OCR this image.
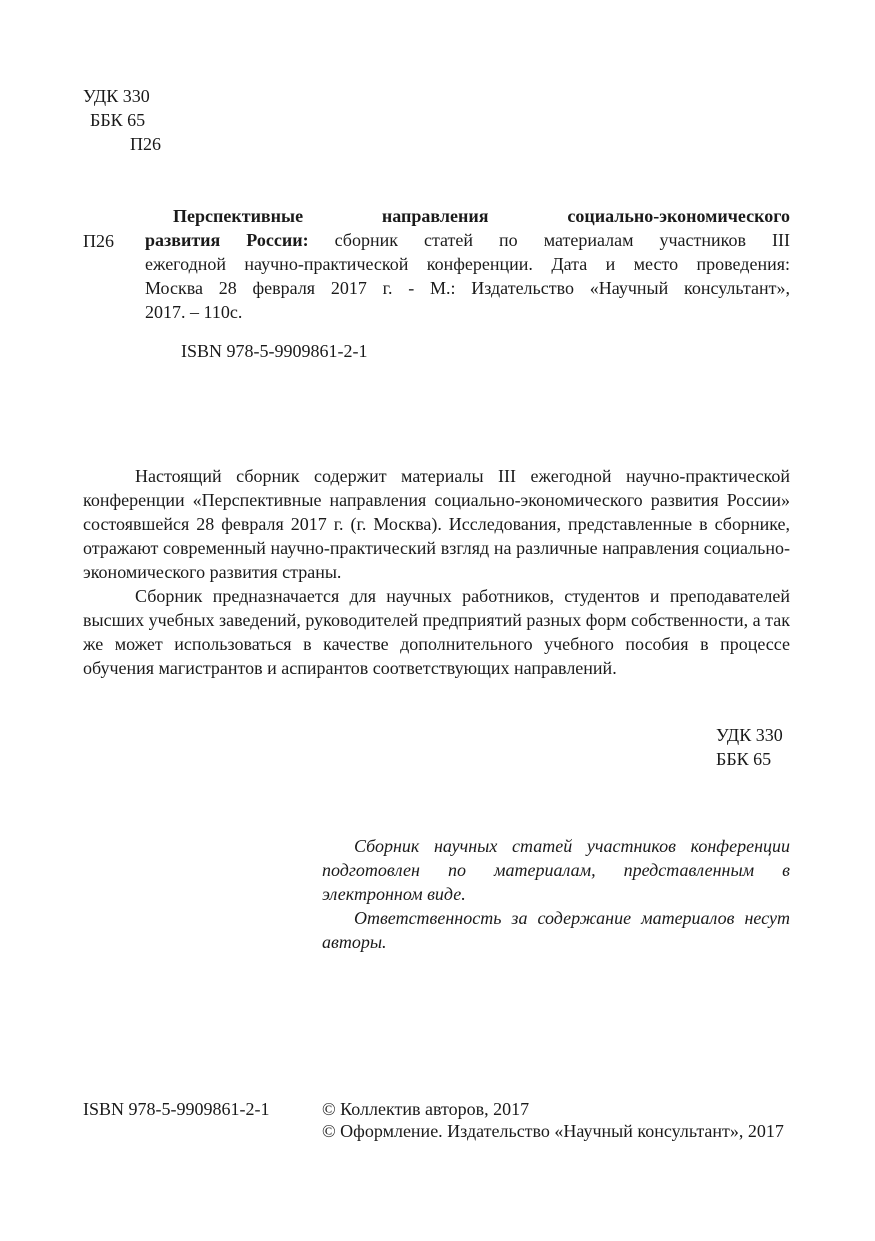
УДК 330
ББК 65
П26
П26
Перспективные направления социально-экономического
развития России: сборник статей по материалам участников III
ежегодной научно-практической конференции. Дата и место проведения:
Москва 28 февраля 2017 г. - М.: Издательство «Научный консультант»,
2017. – 110с.
ISBN 978-5-9909861-2-1

Настоящий сборник содержит материалы III ежегодной научно-практической конференции «Перспективные направления социально-экономического развития России» состоявшейся 28 февраля 2017 г. (г. Москва). Исследования, представленные в сборнике, отражают современный научно-практический взгляд на различные направления социально-экономического развития страны.

Сборник предназначается для научных работников, студентов и преподавателей высших учебных заведений, руководителей предприятий разных форм собственности, а так же может использоваться в качестве дополнительного учебного пособия в процессе обучения магистрантов и аспирантов соответствующих направлений.

УДК 330
ББК 65

Сборник научных статей участников конференции подготовлен по материалам, представленным в электронном виде.

Ответственность за содержание материалов несут авторы.

ISBN 978-5-9909861-2-1	© Коллектив авторов, 2017
© Оформление. Издательство «Научный консультант», 2017
